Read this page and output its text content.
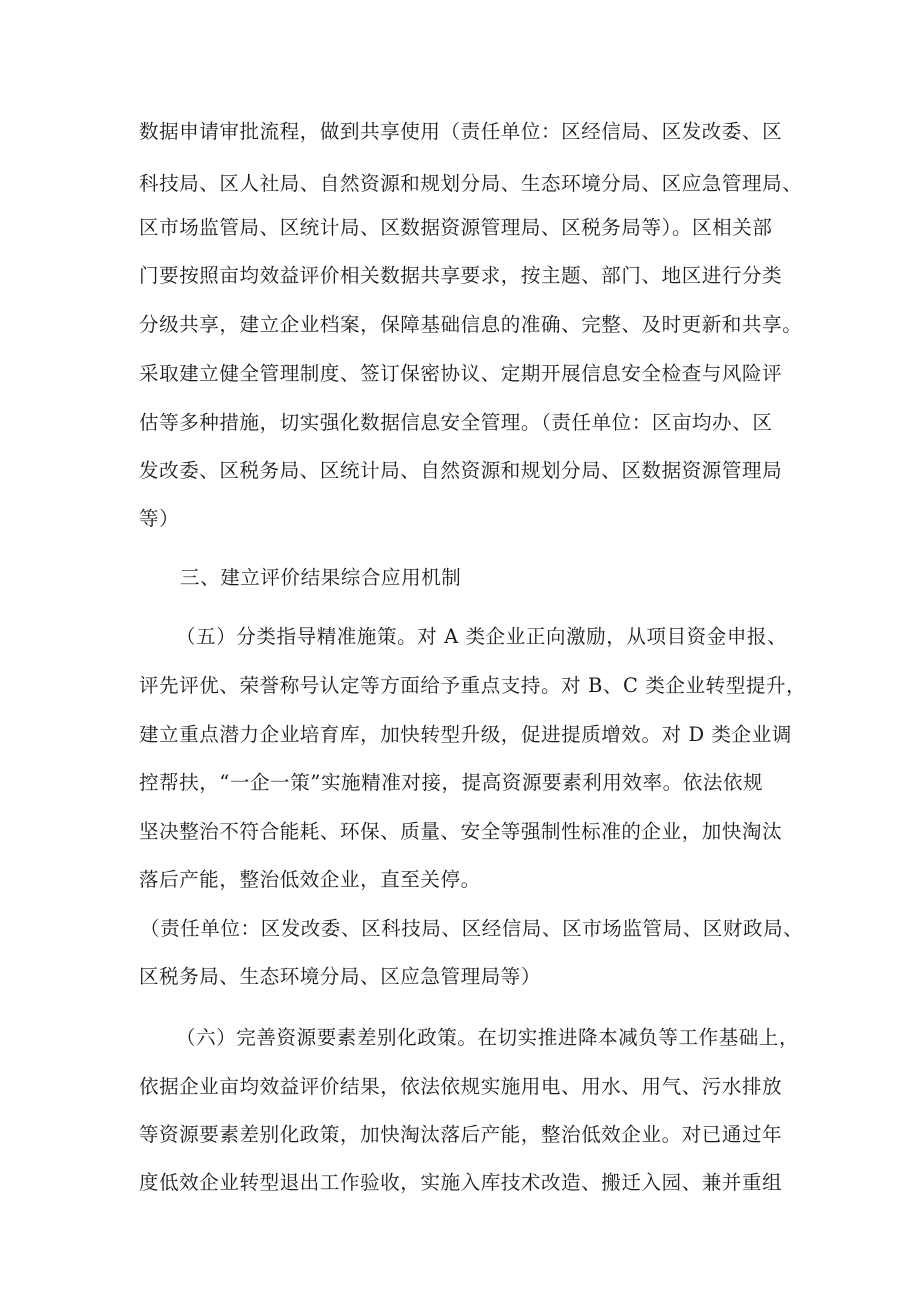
数据申请审批流程，做到共享使用（责任单位：区经信局、区发改委、区
科技局、区人社局、自然资源和规划分局、生态环境分局、区应急管理局、
区市场监管局、区统计局、区数据资源管理局、区税务局等）。区相关部
门要按照亩均效益评价相关数据共享要求，按主题、部门、地区进行分类
分级共享，建立企业档案，保障基础信息的准确、完整、及时更新和共享。
采取建立健全管理制度、签订保密协议、定期开展信息安全检查与风险评
估等多种措施，切实强化数据信息安全管理。（责任单位：区亩均办、区
发改委、区税务局、区统计局、自然资源和规划分局、区数据资源管理局
等）
三、建立评价结果综合应用机制
（五）分类指导精准施策。对 A 类企业正向激励，从项目资金申报、
评先评优、荣誉称号认定等方面给予重点支持。对 B、C 类企业转型提升，
建立重点潜力企业培育库，加快转型升级，促进提质增效。对 D 类企业调
控帮扶，“一企一策”实施精准对接，提高资源要素利用效率。依法依规
坚决整治不符合能耗、环保、质量、安全等强制性标准的企业，加快淘汰
落后产能，整治低效企业，直至关停。
（责任单位：区发改委、区科技局、区经信局、区市场监管局、区财政局、
区税务局、生态环境分局、区应急管理局等）
（六）完善资源要素差别化政策。在切实推进降本减负等工作基础上，
依据企业亩均效益评价结果，依法依规实施用电、用水、用气、污水排放
等资源要素差别化政策，加快淘汰落后产能，整治低效企业。对已通过年
度低效企业转型退出工作验收，实施入库技术改造、搬迁入园、兼并重组
